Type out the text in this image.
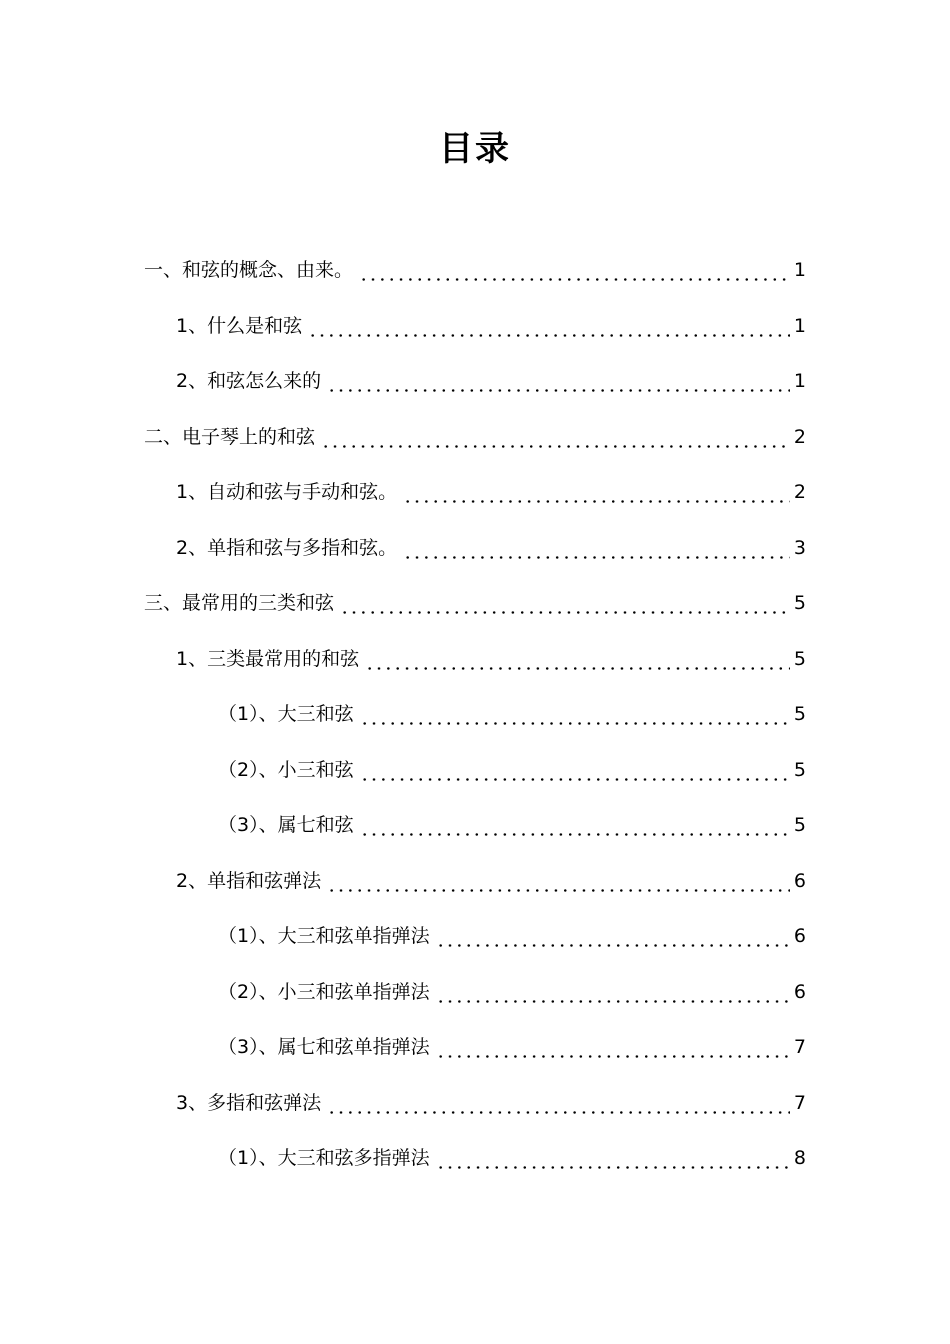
目录
一、和弦的概念、由来。	1
1、什么是和弦	1
2、和弦怎么来的	1
二、电子琴上的和弦	2
1、自动和弦与手动和弦。	2
2、单指和弦与多指和弦。	3
三、最常用的三类和弦	5
1、三类最常用的和弦	5
（1）、大三和弦	5
（2）、小三和弦	5
（3）、属七和弦	5
2、单指和弦弹法	6
（1）、大三和弦单指弹法	6
（2）、小三和弦单指弹法	6
（3）、属七和弦单指弹法	7
3、多指和弦弹法	7
（1）、大三和弦多指弹法	8
